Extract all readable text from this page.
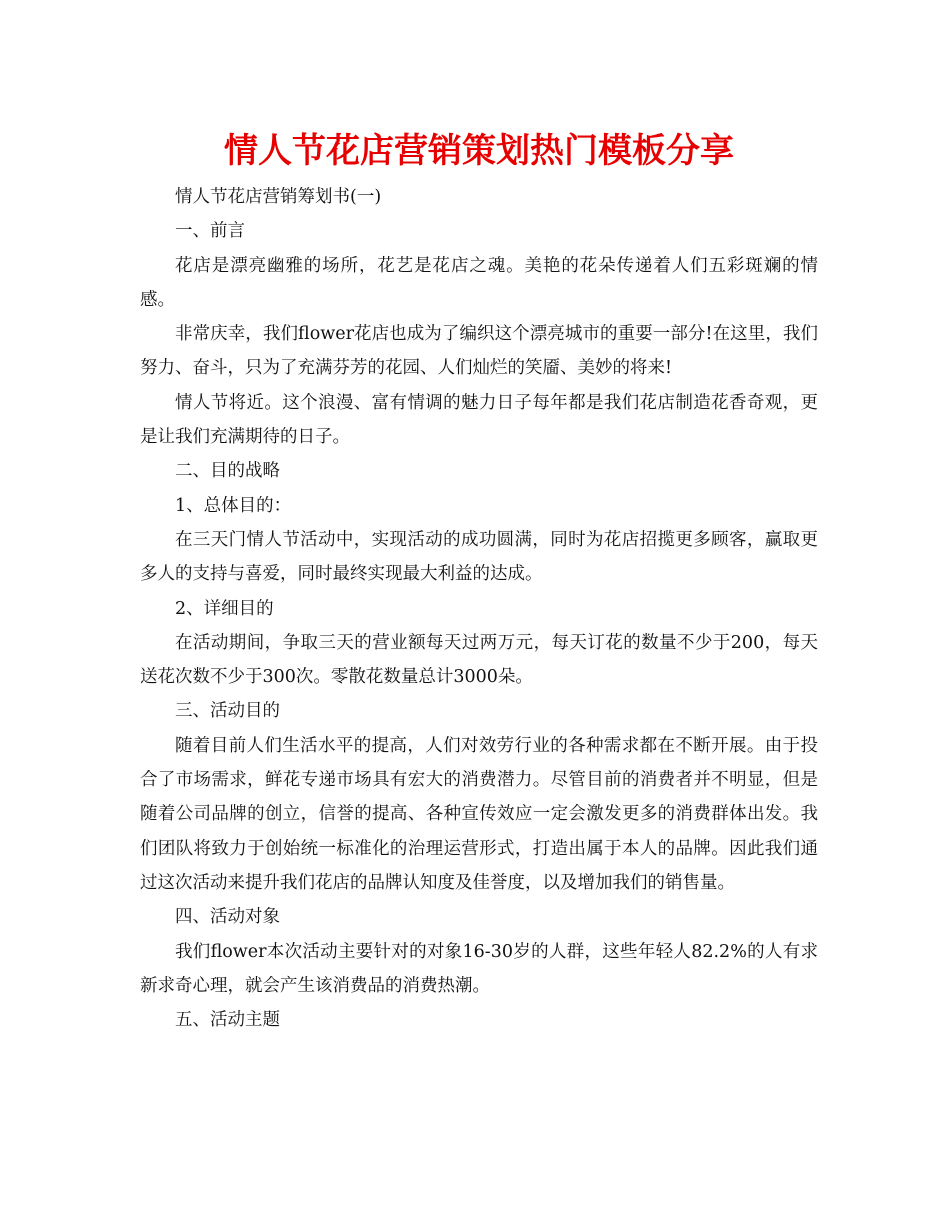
情人节花店营销策划热门模板分享

情人节花店营销筹划书(一)

一、前言

花店是漂亮幽雅的场所，花艺是花店之魂。美艳的花朵传递着人们五彩斑斓的情感。

非常庆幸，我们flower花店也成为了编织这个漂亮城市的重要一部分!在这里，我们努力、奋斗，只为了充满芬芳的花园、人们灿烂的笑靥、美妙的将来!

情人节将近。这个浪漫、富有情调的魅力日子每年都是我们花店制造花香奇观，更是让我们充满期待的日子。

二、目的战略

1、总体目的：

在三天门情人节活动中，实现活动的成功圆满，同时为花店招揽更多顾客，赢取更多人的支持与喜爱，同时最终实现最大利益的达成。

2、详细目的

在活动期间，争取三天的营业额每天过两万元，每天订花的数量不少于200，每天送花次数不少于300次。零散花数量总计3000朵。

三、活动目的

随着目前人们生活水平的提高，人们对效劳行业的各种需求都在不断开展。由于投合了市场需求，鲜花专递市场具有宏大的消费潜力。尽管目前的消费者并不明显，但是随着公司品牌的创立，信誉的提高、各种宣传效应一定会激发更多的消费群体出发。我们团队将致力于创始统一标准化的治理运营形式，打造出属于本人的品牌。因此我们通过这次活动来提升我们花店的品牌认知度及佳誉度，以及增加我们的销售量。

四、活动对象

我们flower本次活动主要针对的对象16-30岁的人群，这些年轻人82.2%的人有求新求奇心理，就会产生该消费品的消费热潮。

五、活动主题
